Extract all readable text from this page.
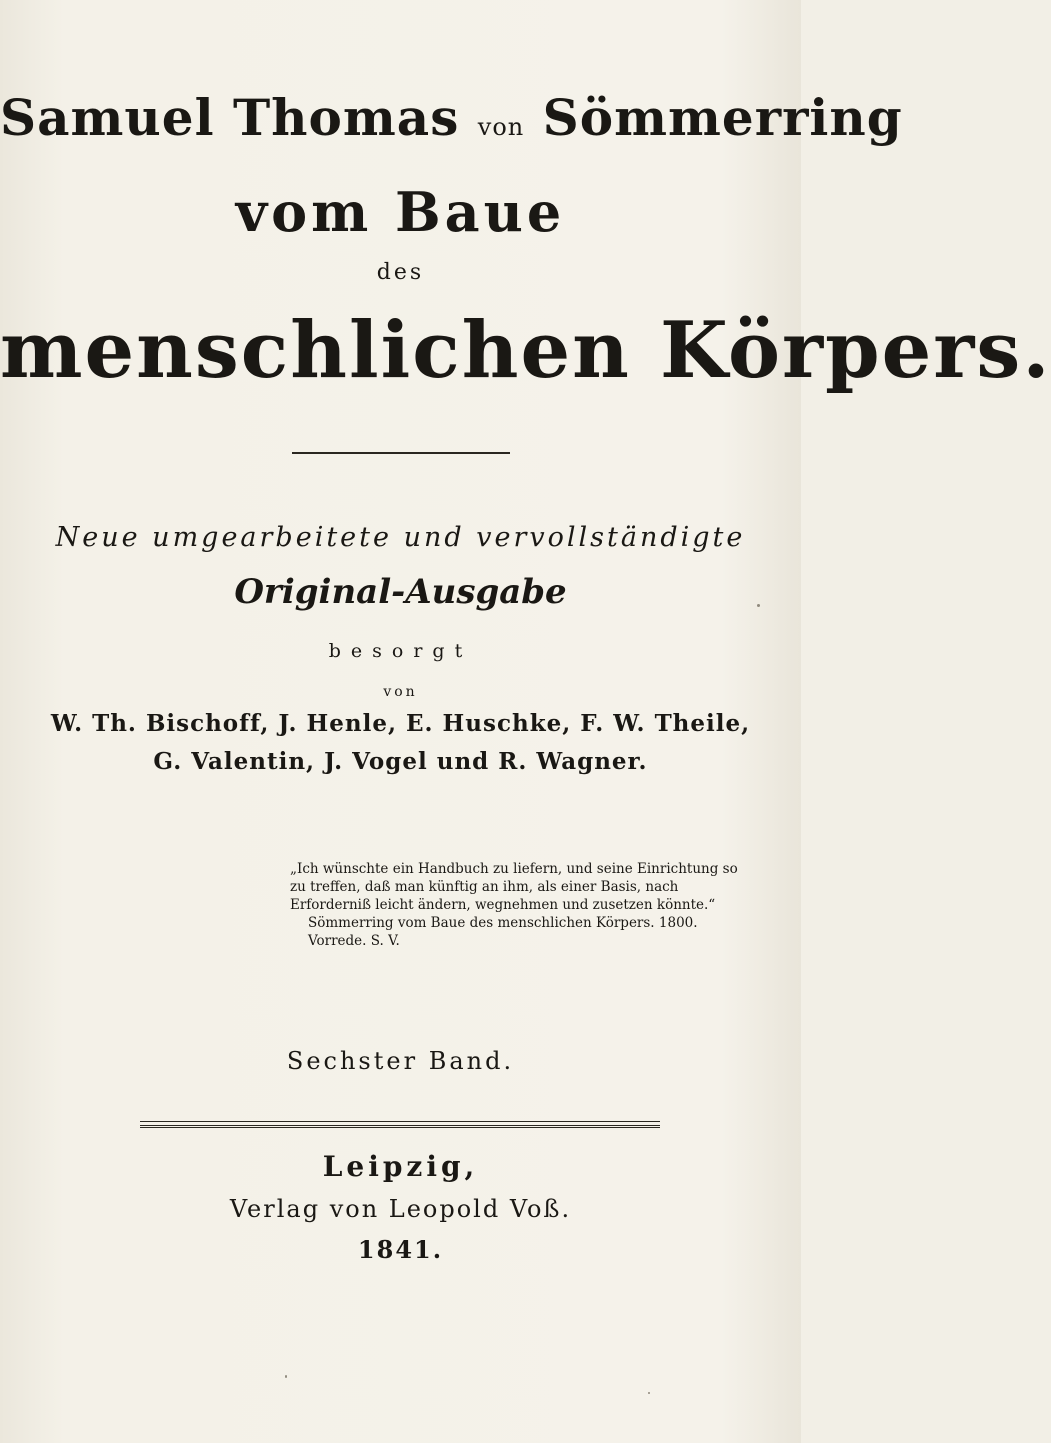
Samuel Thomas von Sömmerring
vom Baue
des
menschlichen Körpers.
Neue umgearbeitete und vervollständigte
Original-Ausgabe
besorgt
von
W. Th. Bischoff, J. Henle, E. Huschke, F. W. Theile,
G. Valentin, J. Vogel und R. Wagner.
„Ich wünschte ein Handbuch zu liefern, und seine Einrichtung so zu treffen, daß man künftig an ihm, als einer Basis, nach Erforderniß leicht ändern, wegnehmen und zusetzen könnte.“
Sömmerring vom Baue des menschlichen Körpers. 1800. Vorrede. S. V.
Sechster Band.
Leipzig,
Verlag von Leopold Voß.
1841.
